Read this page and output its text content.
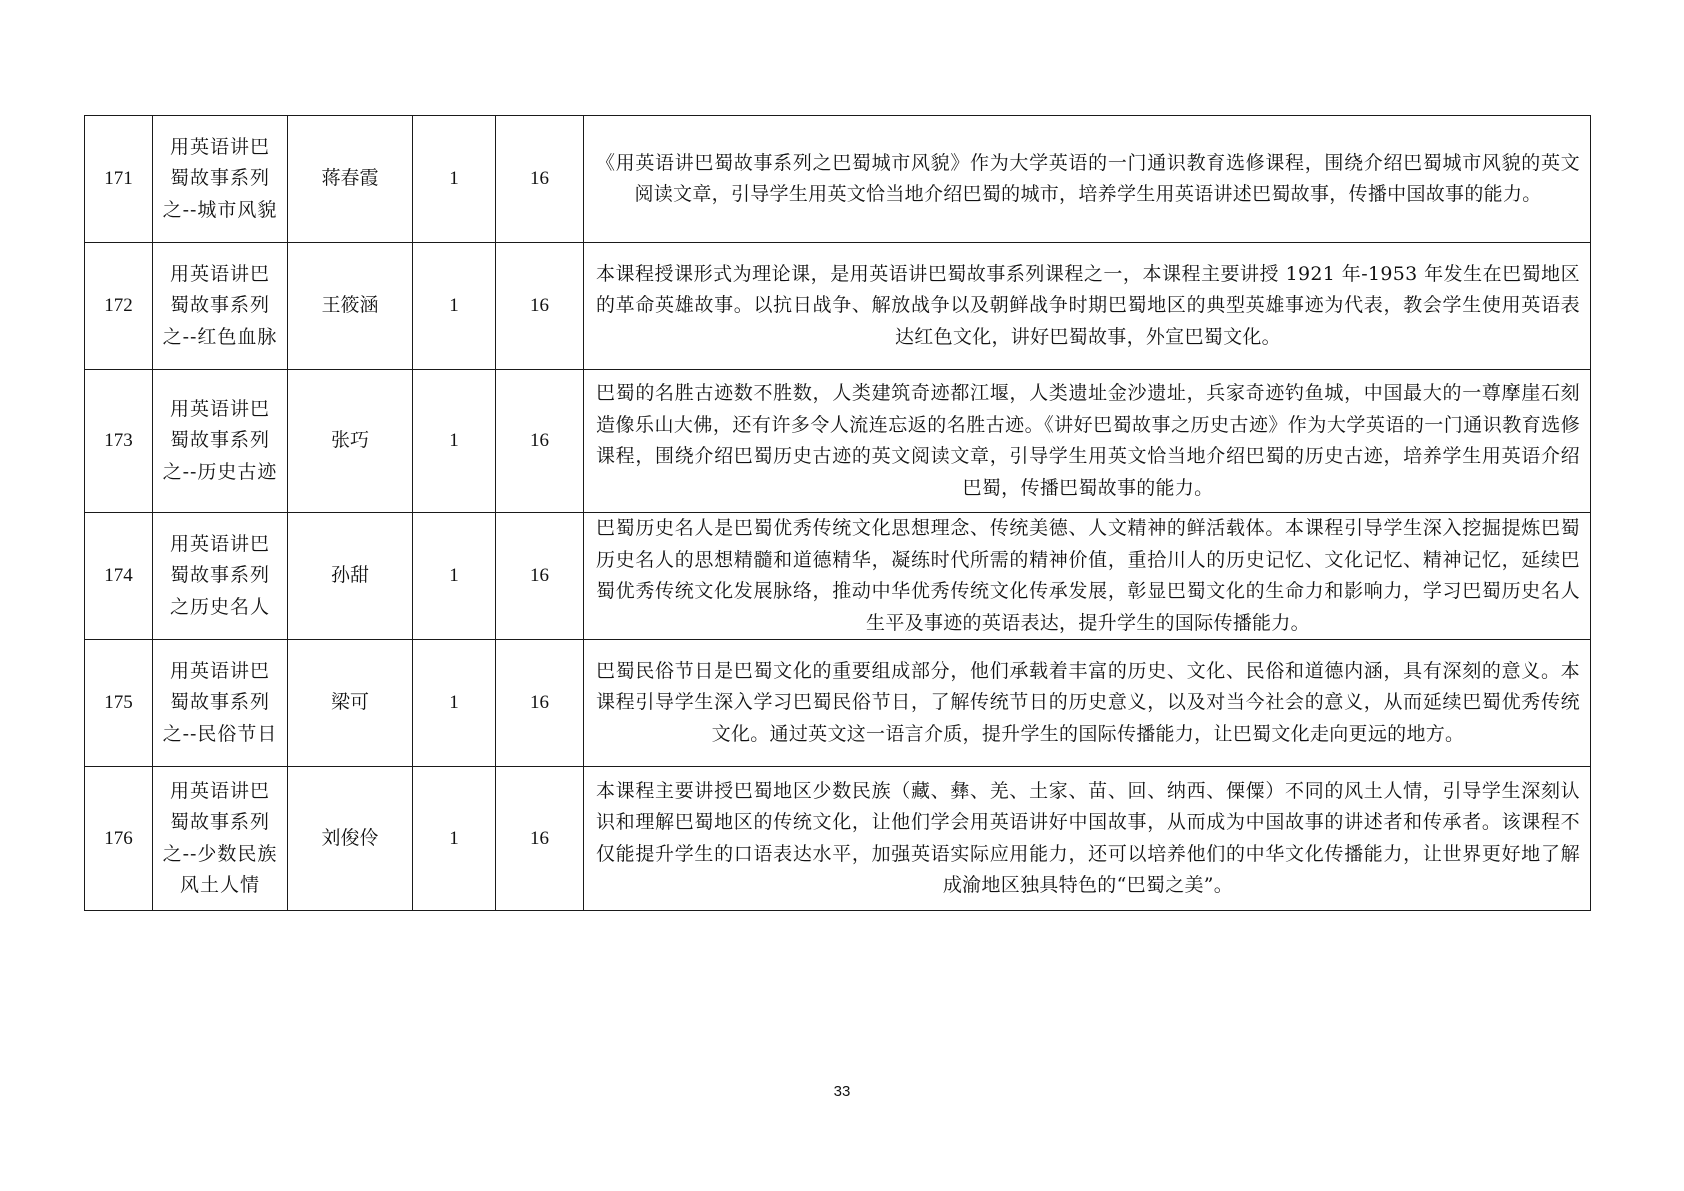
171	用英语讲巴蜀故事系列之--城市风貌	蒋春霞	1	16	《用英语讲巴蜀故事系列之巴蜀城市风貌》作为大学英语的一门通识教育选修课程，围绕介绍巴蜀城市风貌的英文阅读文章，引导学生用英文恰当地介绍巴蜀的城市，培养学生用英语讲述巴蜀故事，传播中国故事的能力。
172	用英语讲巴蜀故事系列之--红色血脉	王筱涵	1	16	本课程授课形式为理论课，是用英语讲巴蜀故事系列课程之一，本课程主要讲授 1921 年-1953 年发生在巴蜀地区的革命英雄故事。以抗日战争、解放战争以及朝鲜战争时期巴蜀地区的典型英雄事迹为代表，教会学生使用英语表达红色文化，讲好巴蜀故事，外宣巴蜀文化。
173	用英语讲巴蜀故事系列之--历史古迹	张巧	1	16	巴蜀的名胜古迹数不胜数，人类建筑奇迹都江堰，人类遗址金沙遗址，兵家奇迹钓鱼城，中国最大的一尊摩崖石刻造像乐山大佛，还有许多令人流连忘返的名胜古迹。《讲好巴蜀故事之历史古迹》作为大学英语的一门通识教育选修课程，围绕介绍巴蜀历史古迹的英文阅读文章，引导学生用英文恰当地介绍巴蜀的历史古迹，培养学生用英语介绍巴蜀，传播巴蜀故事的能力。
174	用英语讲巴蜀故事系列之历史名人	孙甜	1	16	巴蜀历史名人是巴蜀优秀传统文化思想理念、传统美德、人文精神的鲜活载体。本课程引导学生深入挖掘提炼巴蜀历史名人的思想精髓和道德精华，凝练时代所需的精神价值，重拾川人的历史记忆、文化记忆、精神记忆，延续巴蜀优秀传统文化发展脉络，推动中华优秀传统文化传承发展，彰显巴蜀文化的生命力和影响力，学习巴蜀历史名人生平及事迹的英语表达，提升学生的国际传播能力。
175	用英语讲巴蜀故事系列之--民俗节日	梁可	1	16	巴蜀民俗节日是巴蜀文化的重要组成部分，他们承载着丰富的历史、文化、民俗和道德内涵，具有深刻的意义。本课程引导学生深入学习巴蜀民俗节日，了解传统节日的历史意义，以及对当今社会的意义，从而延续巴蜀优秀传统文化。通过英文这一语言介质，提升学生的国际传播能力，让巴蜀文化走向更远的地方。
176	用英语讲巴蜀故事系列之--少数民族风土人情	刘俊伶	1	16	本课程主要讲授巴蜀地区少数民族（藏、彝、羌、土家、苗、回、纳西、傈僳）不同的风土人情，引导学生深刻认识和理解巴蜀地区的传统文化，让他们学会用英语讲好中国故事，从而成为中国故事的讲述者和传承者。该课程不仅能提升学生的口语表达水平，加强英语实际应用能力，还可以培养他们的中华文化传播能力，让世界更好地了解成渝地区独具特色的“巴蜀之美”。
33
